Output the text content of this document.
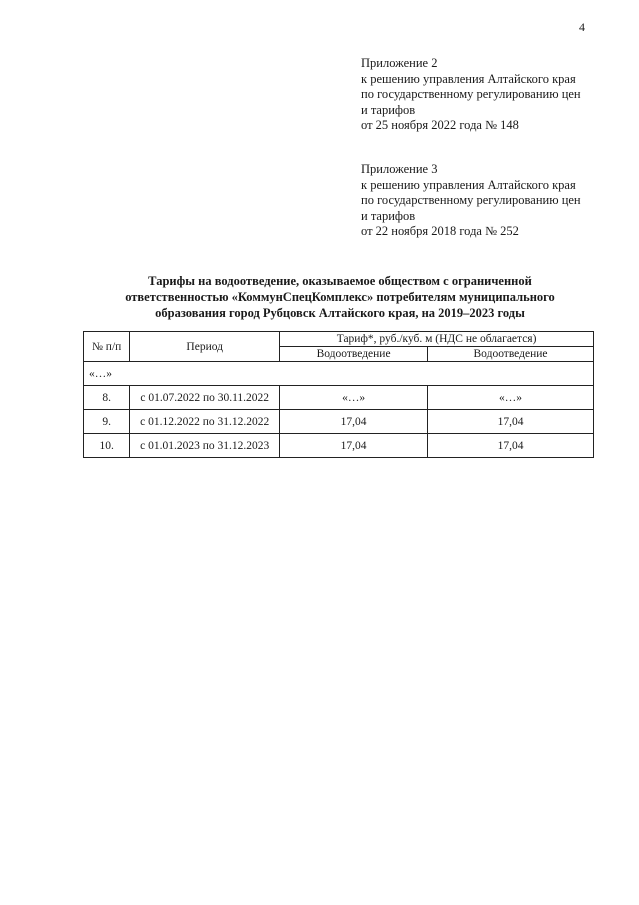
4
Приложение 2
к решению управления Алтайского края
по государственному регулированию цен
и тарифов
от 25 ноября 2022 года № 148
Приложение 3
к решению управления Алтайского края
по государственному регулированию цен
и тарифов
от 22 ноября 2018 года № 252
Тарифы на водоотведение, оказываемое обществом с ограниченной
ответственностью «КоммунСпецКомплекс» потребителям муниципального
образования город Рубцовск Алтайского края, на 2019–2023 годы
№ п/п	Период	Тариф*, руб./куб. м (НДС не облагается)	
		Водоотведение	Водоотведение
«…»			
8.	с 01.07.2022 по 30.11.2022	«…»	«…»
9.	с 01.12.2022 по 31.12.2022	17,04	17,04
10.	с 01.01.2023 по 31.12.2023	17,04	17,04
